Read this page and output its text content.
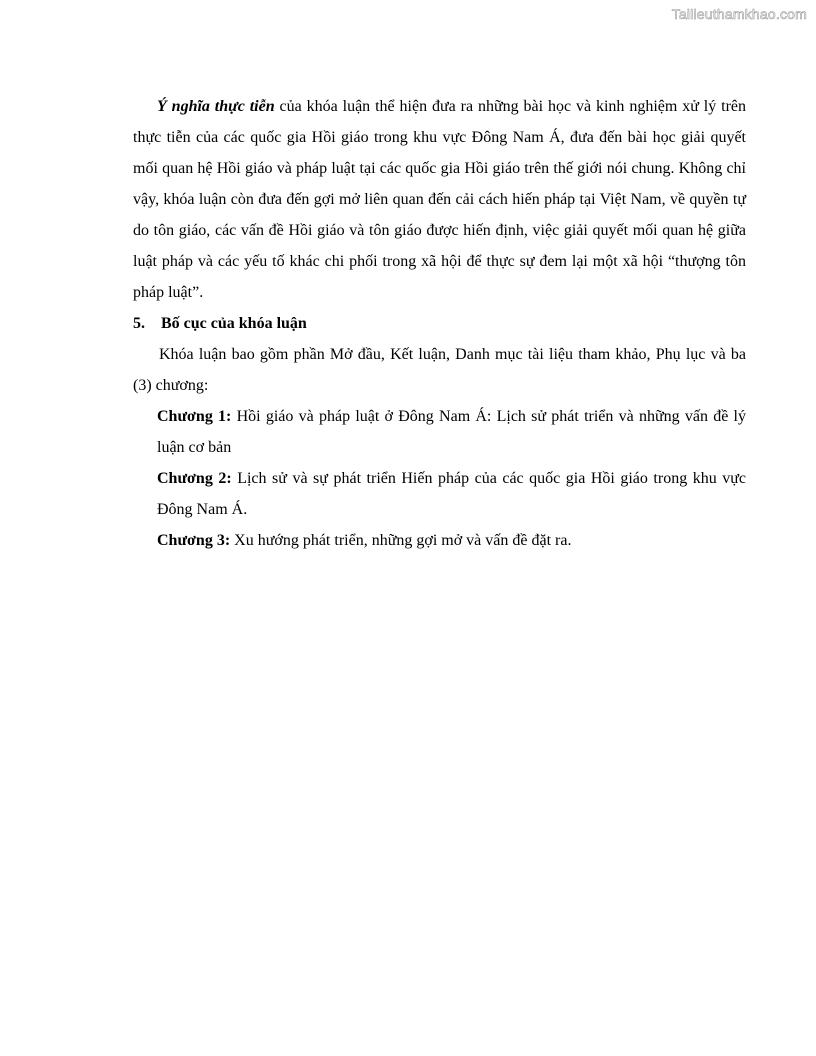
Tailieuthamkhao.com

Ý nghĩa thực tiễn của khóa luận thể hiện đưa ra những bài học và kinh nghiệm xử lý trên thực tiễn của các quốc gia Hồi giáo trong khu vực Đông Nam Á, đưa đến bài học giải quyết mối quan hệ Hồi giáo và pháp luật tại các quốc gia Hồi giáo trên thế giới nói chung. Không chỉ vậy, khóa luận còn đưa đến gợi mở liên quan đến cải cách hiến pháp tại Việt Nam, về quyền tự do tôn giáo, các vấn đề Hồi giáo và tôn giáo được hiến định, việc giải quyết mối quan hệ giữa luật pháp và các yếu tố khác chi phối trong xã hội để thực sự đem lại một xã hội “thượng tôn pháp luật”.

5.	Bố cục của khóa luận

Khóa luận bao gồm phần Mở đầu, Kết luận, Danh mục tài liệu tham khảo, Phụ lục và ba (3) chương:

Chương 1: Hồi giáo và pháp luật ở Đông Nam Á: Lịch sử phát triển và những vấn đề lý luận cơ bản

Chương 2: Lịch sử và sự phát triển Hiến pháp của các quốc gia Hồi giáo trong khu vực Đông Nam Á.

Chương 3: Xu hướng phát triển, những gợi mở và vấn đề đặt ra.
